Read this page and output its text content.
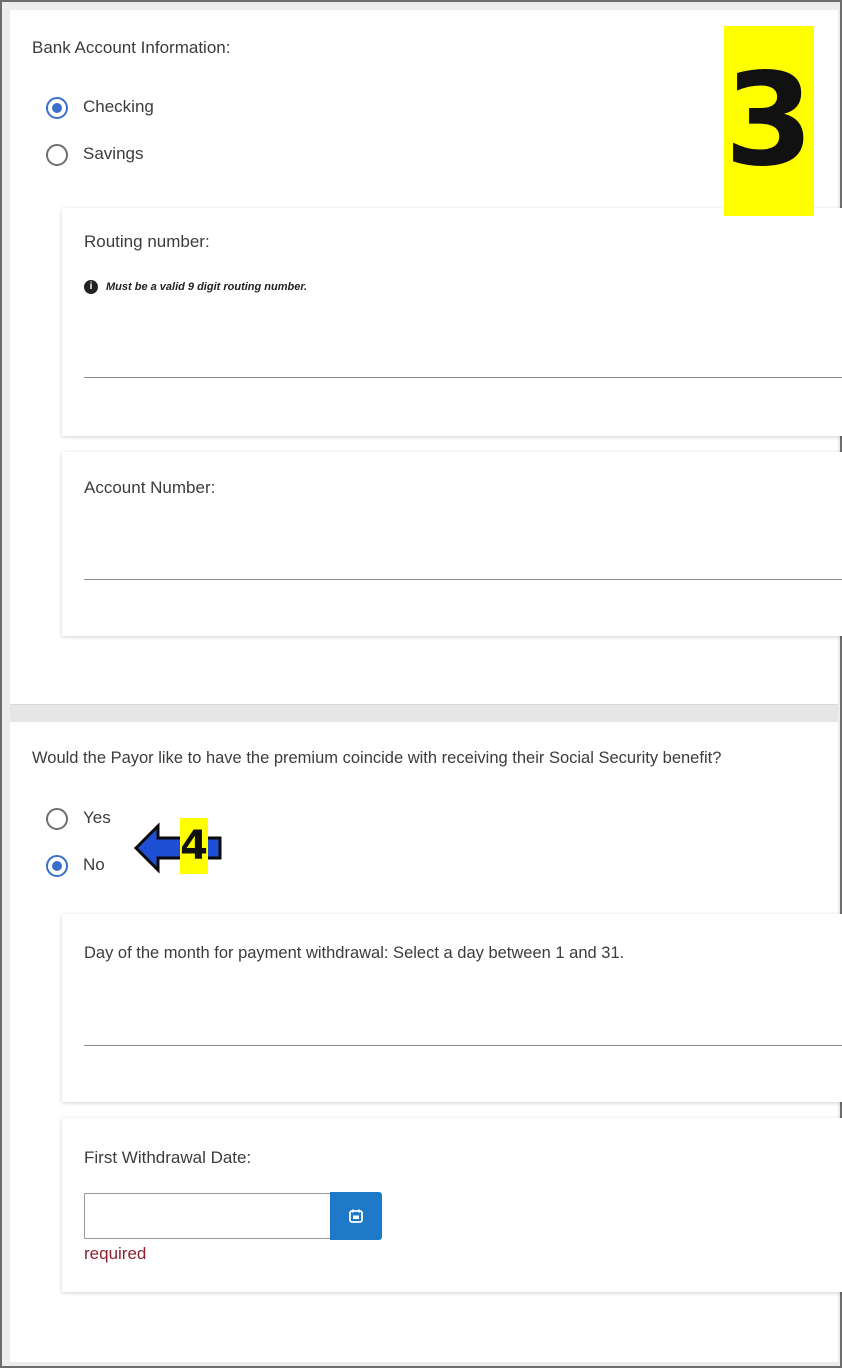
Bank Account Information:
Checking
Savings
Routing number:
i	Must be a valid 9 digit routing number.
Account Number:
Would the Payor like to have the premium coincide with receiving their Social Security benefit?
Yes
No
Day of the month for payment withdrawal: Select a day between 1 and 31.
First Withdrawal Date:
required
3
4
